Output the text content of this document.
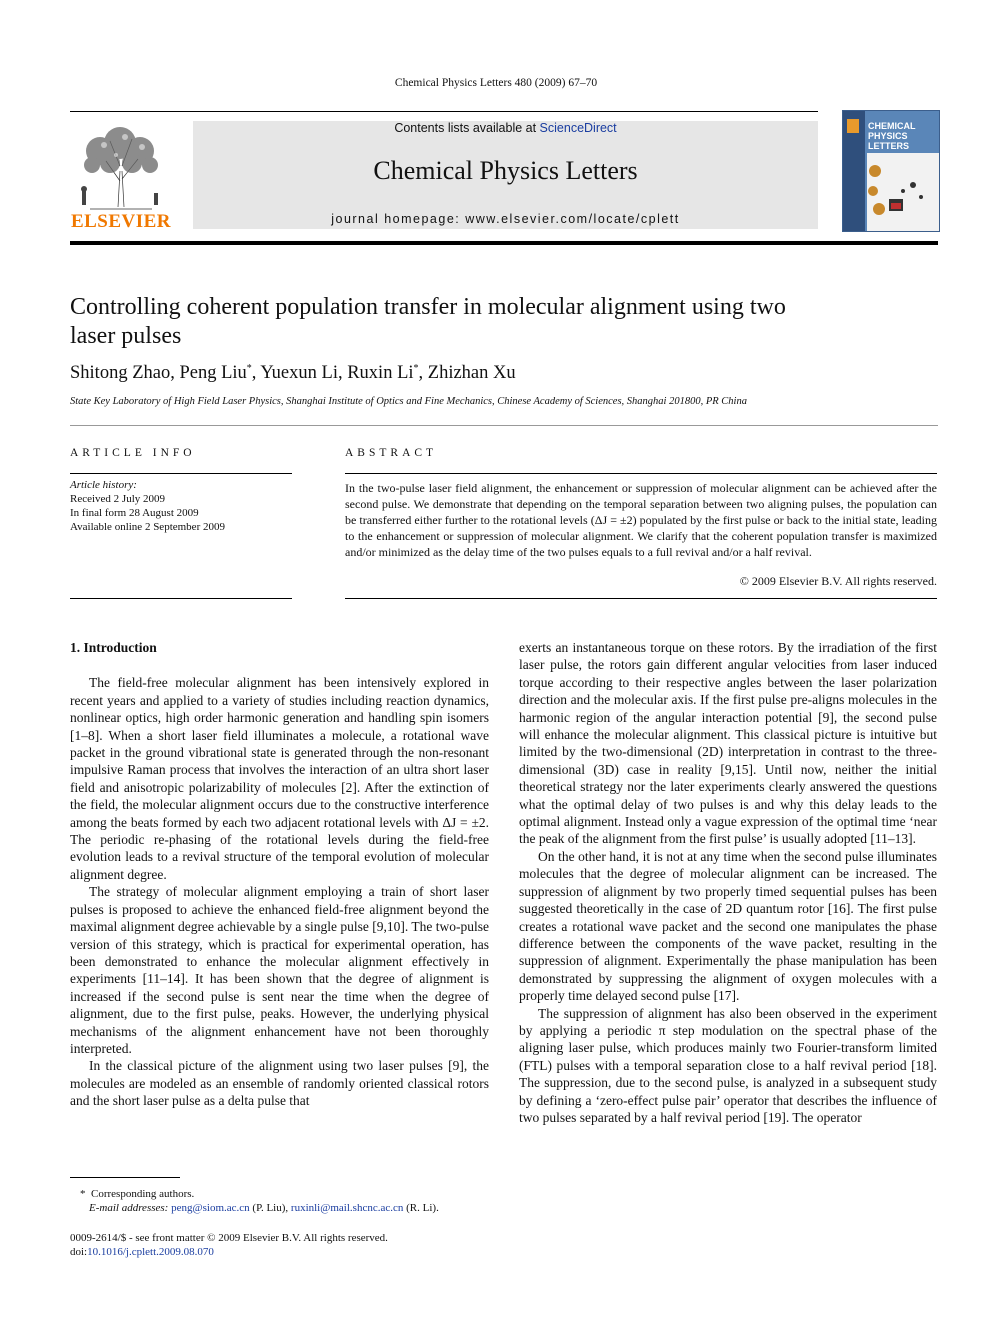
Chemical Physics Letters 480 (2009) 67–70
ELSEVIER
Contents lists available at ScienceDirect
Chemical Physics Letters
journal homepage: www.elsevier.com/locate/cplett
CHEMICAL PHYSICS LETTERS
Controlling coherent population transfer in molecular alignment using two
laser pulses
Shitong Zhao, Peng Liu*, Yuexun Li, Ruxin Li*, Zhizhan Xu
State Key Laboratory of High Field Laser Physics, Shanghai Institute of Optics and Fine Mechanics, Chinese Academy of Sciences, Shanghai 201800, PR China
ARTICLE INFO
Article history:
Received 2 July 2009
In final form 28 August 2009
Available online 2 September 2009
ABSTRACT
In the two-pulse laser field alignment, the enhancement or suppression of molecular alignment can be achieved after the second pulse. We demonstrate that depending on the temporal separation between two aligning pulses, the population can be transferred either further to the rotational levels (ΔJ = ±2) populated by the first pulse or back to the initial state, leading to the enhancement or suppression of molecular alignment. We clarify that the coherent population transfer is maximized and/or minimized as the delay time of the two pulses equals to a full revival and/or a half revival.
© 2009 Elsevier B.V. All rights reserved.
1. Introduction

The field-free molecular alignment has been intensively explored in recent years and applied to a variety of studies including reaction dynamics, nonlinear optics, high order harmonic generation and handling spin isomers [1–8]. When a short laser field illuminates a molecule, a rotational wave packet in the ground vibrational state is generated through the non-resonant impulsive Raman process that involves the interaction of an ultra short laser field and anisotropic polarizability of molecules [2]. After the extinction of the field, the molecular alignment occurs due to the constructive interference among the beats formed by each two adjacent rotational levels with ΔJ = ±2. The periodic re-phasing of the rotational levels during the field-free evolution leads to a revival structure of the temporal evolution of molecular alignment degree.

The strategy of molecular alignment employing a train of short laser pulses is proposed to achieve the enhanced field-free alignment beyond the maximal alignment degree achievable by a single pulse [9,10]. The two-pulse version of this strategy, which is practical for experimental operation, has been demonstrated to enhance the molecular alignment effectively in experiments [11–14]. It has been shown that the degree of alignment is increased if the second pulse is sent near the time when the degree of alignment, due to the first pulse, peaks. However, the underlying physical mechanisms of the alignment enhancement have not been thoroughly interpreted.

In the classical picture of the alignment using two laser pulses [9], the molecules are modeled as an ensemble of randomly oriented classical rotors and the short laser pulse as a delta pulse that

exerts an instantaneous torque on these rotors. By the irradiation of the first laser pulse, the rotors gain different angular velocities from laser induced torque according to their respective angles between the laser polarization direction and the molecular axis. If the first pulse pre-aligns molecules in the harmonic region of the angular interaction potential [9], the second pulse will enhance the molecular alignment. This classical picture is intuitive but limited by the two-dimensional (2D) interpretation in contrast to the three-dimensional (3D) case in reality [9,15]. Until now, neither the initial theoretical strategy nor the later experiments clearly answered the questions what the optimal delay of two pulses is and why this delay leads to the optimal alignment. Instead only a vague expression of the optimal time ‘near the peak of the alignment from the first pulse’ is usually adopted [11–13].

On the other hand, it is not at any time when the second pulse illuminates molecules that the degree of molecular alignment can be increased. The suppression of alignment by two properly timed sequential pulses has been suggested theoretically in the case of 2D quantum rotor [16]. The first pulse creates a rotational wave packet and the second one manipulates the phase difference between the components of the wave packet, resulting in the suppression of alignment. Experimentally the phase manipulation has been demonstrated by suppressing the alignment of oxygen molecules with a properly time delayed second pulse [17].

The suppression of alignment has also been observed in the experiment by applying a periodic π step modulation on the spectral phase of the aligning laser pulse, which produces mainly two Fourier-transform limited (FTL) pulses with a temporal separation close to a half revival period [18]. The suppression, due to the second pulse, is analyzed in a subsequent study by defining a ‘zero-effect pulse pair’ operator that describes the influence of two pulses separated by a half revival period [19]. The operator

* Corresponding authors.
E-mail addresses: peng@siom.ac.cn (P. Liu), ruxinli@mail.shcnc.ac.cn (R. Li).
0009-2614/$ - see front matter © 2009 Elsevier B.V. All rights reserved.
doi:10.1016/j.cplett.2009.08.070
